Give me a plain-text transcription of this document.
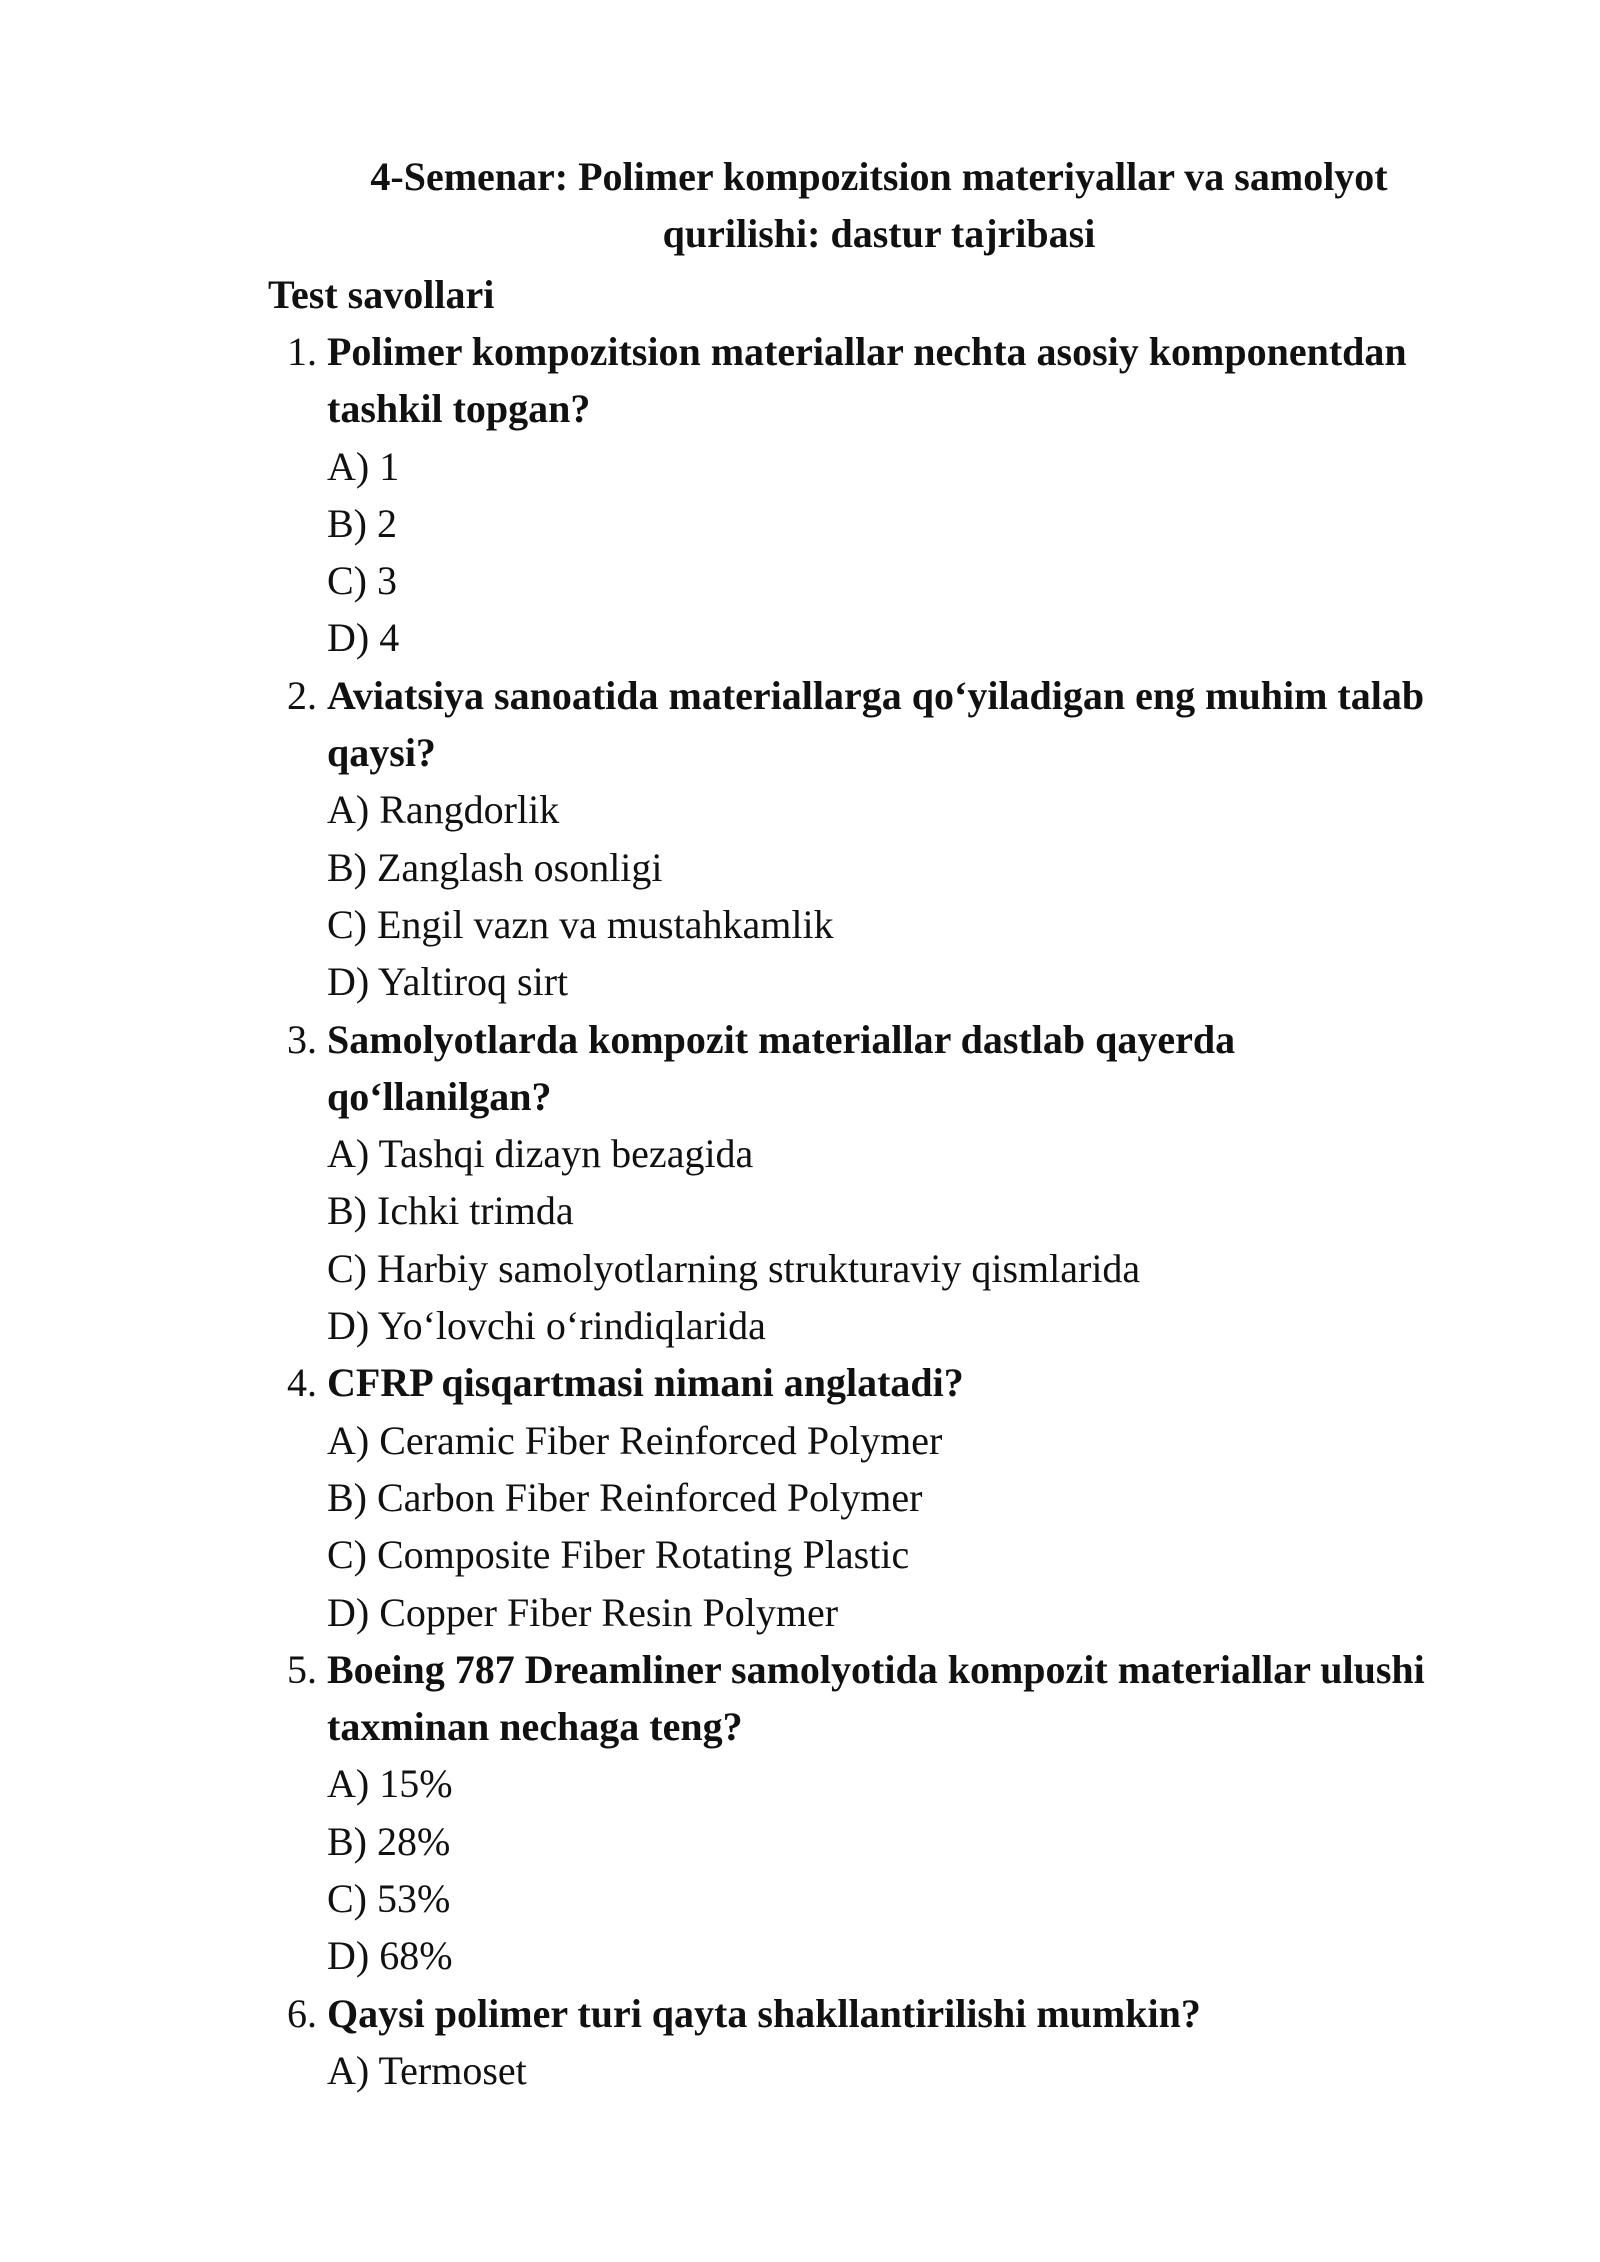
4-Semenar: Polimer kompozitsion materiyallar va samolyot qurilishi: dastur tajribasi
Test savollari
1. Polimer kompozitsion materiallar nechta asosiy komponentdan tashkil topgan?
A) 1
B) 2
C) 3
D) 4
2. Aviatsiya sanoatida materiallarga qo‘yiladigan eng muhim talab qaysi?
A) Rangdorlik
B) Zanglash osonligi
C) Engil vazn va mustahkamlik
D) Yaltiroq sirt
3. Samolyotlarda kompozit materiallar dastlab qayerda qo‘llanilgan?
A) Tashqi dizayn bezagida
B) Ichki trimda
C) Harbiy samolyotlarning strukturaviy qismlarida
D) Yo‘lovchi o‘rindiqlarida
4. CFRP qisqartmasi nimani anglatadi?
A) Ceramic Fiber Reinforced Polymer
B) Carbon Fiber Reinforced Polymer
C) Composite Fiber Rotating Plastic
D) Copper Fiber Resin Polymer
5. Boeing 787 Dreamliner samolyotida kompozit materiallar ulushi taxminan nechaga teng?
A) 15%
B) 28%
C) 53%
D) 68%
6. Qaysi polimer turi qayta shakllantirilishi mumkin?
A) Termoset
